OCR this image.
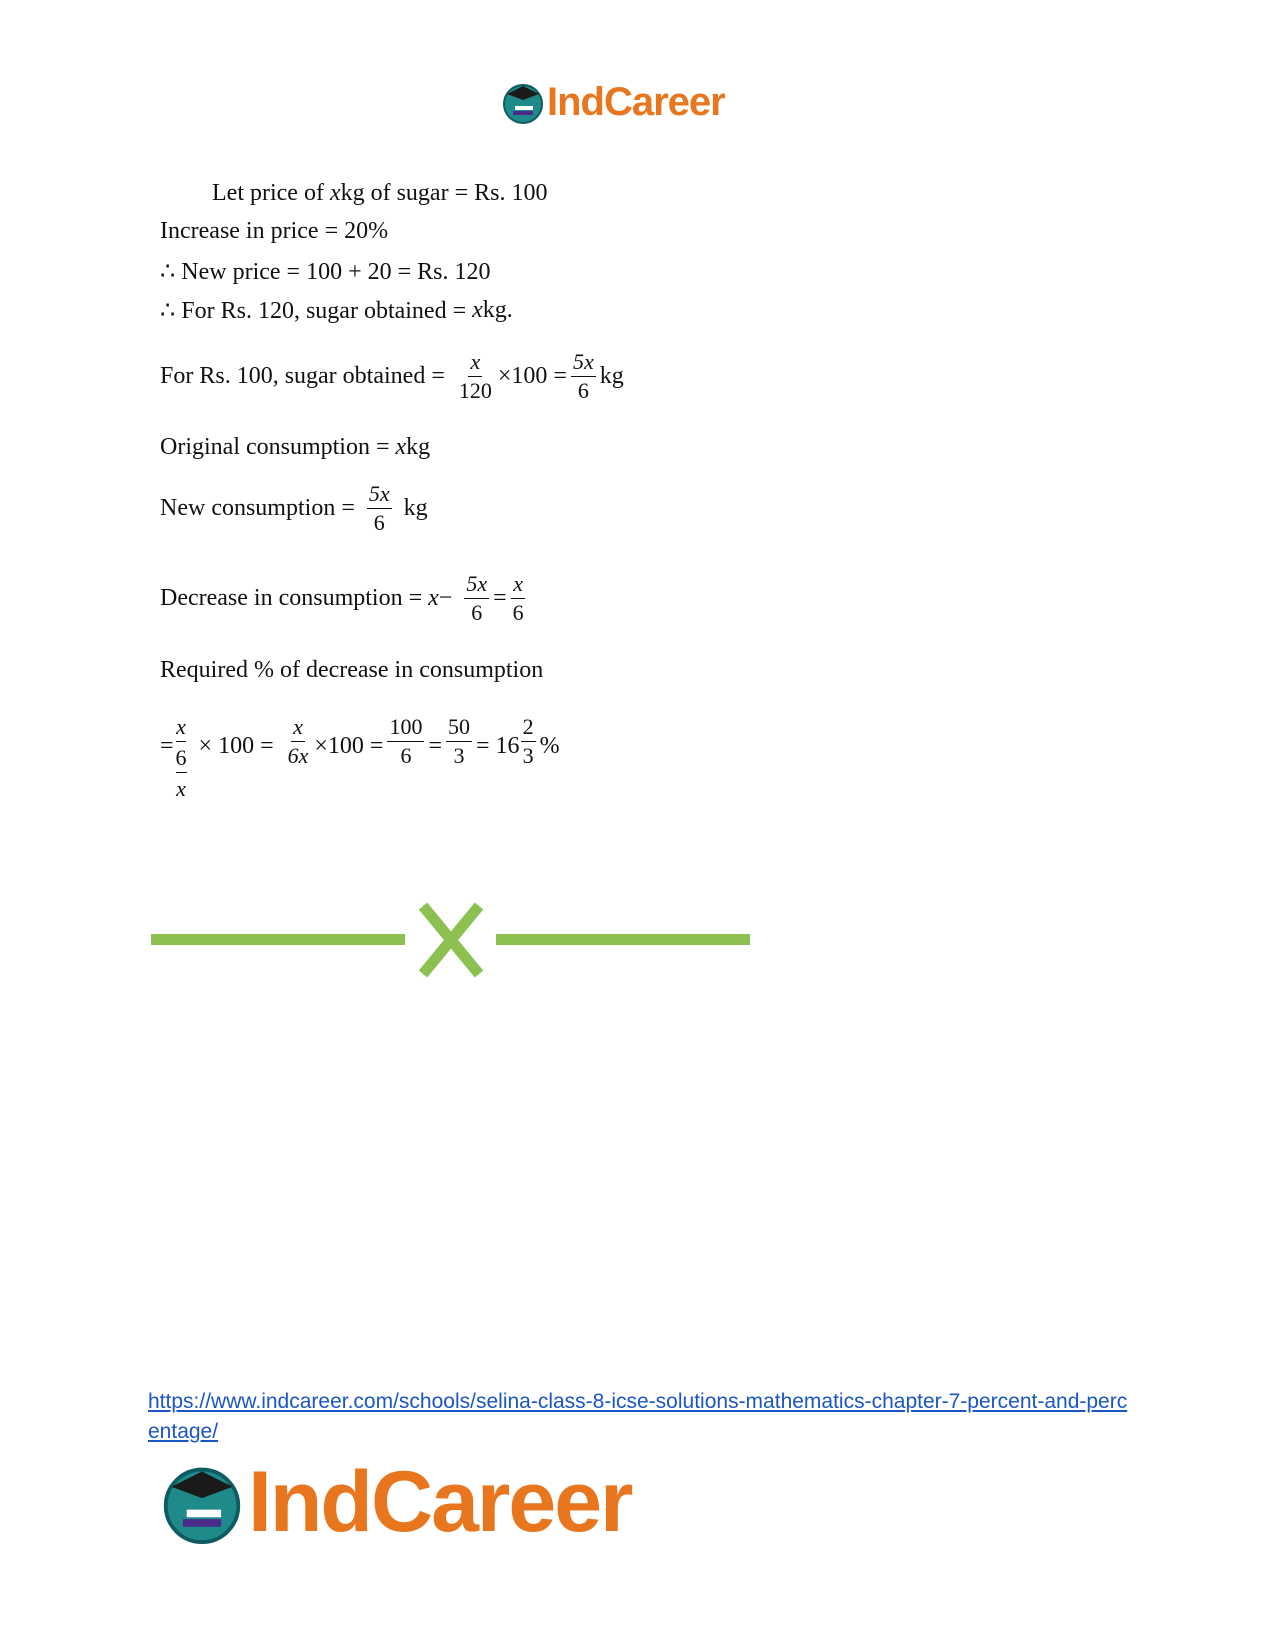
IndCareer
Let price of
x kg of sugar = Rs. 100
Increase in price = 20%
∴ New price = 100 + 20 = Rs. 120
∴ For Rs. 120, sugar obtained =
x kg.
For Rs. 100, sugar obtained = $\frac{x}{120} \times 100 = \frac{5x}{6}$ kg
Original consumption =
x kg
New consumption = $\frac{5x}{6}$ kg
Decrease in consumption =
$x - \frac{5x}{6} = \frac{x}{6}$
Required % of decrease in consumption
=
x
6
x
× $100 = \frac{x}{6x} \times 100 = \frac{100}{6} = \frac{50}{3} = 16 \frac{2}{3}$ %
https://www.indcareer.com/schools/selina-class-8-icse-solutions-mathematics-chapter-7-percent-and-percentage/
IndCareer
